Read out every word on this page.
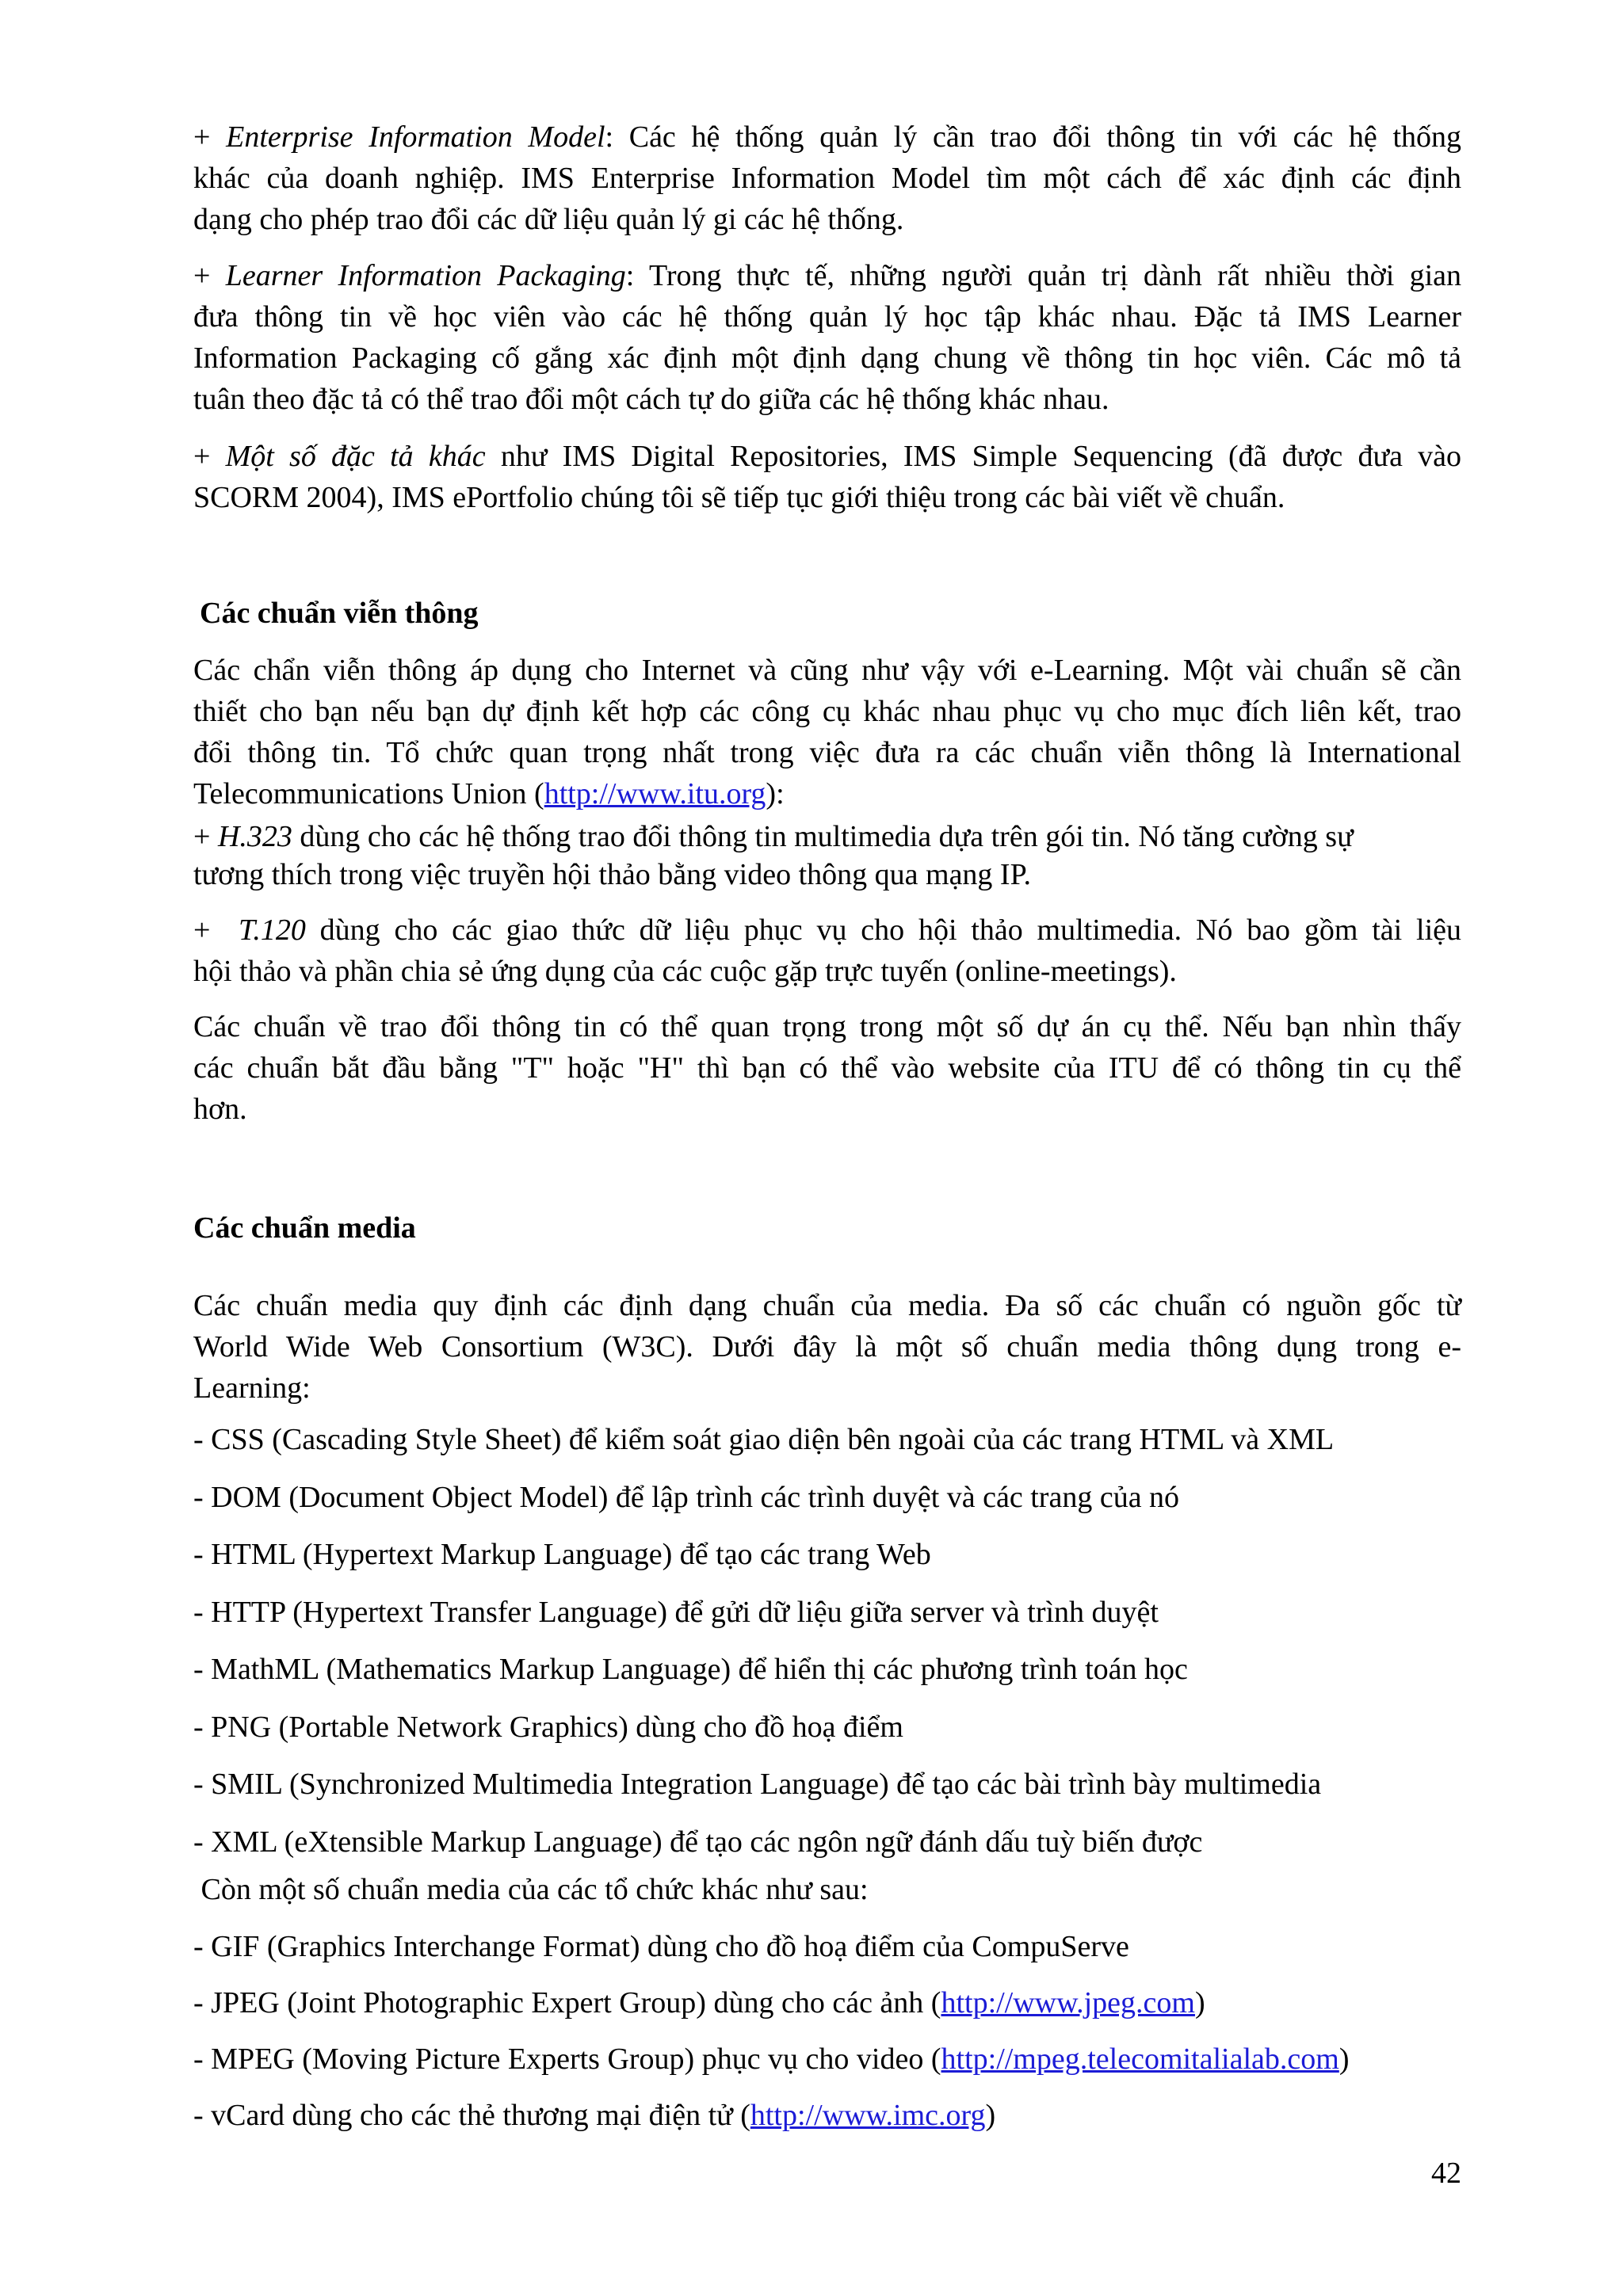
+ Enterprise Information Model: Các hệ thống quản lý cần trao đổi thông tin với các hệ thống
khác của doanh nghiệp. IMS Enterprise Information Model tìm một cách để xác định các định
dạng cho phép trao đổi các dữ liệu quản lý gi các hệ thống.
+ Learner Information Packaging: Trong thực tế, những người quản trị dành rất nhiều thời gian
đưa thông tin về học viên vào các hệ thống quản lý học tập khác nhau. Đặc tả IMS Learner
Information Packaging cố gắng xác định một định dạng chung về thông tin học viên. Các mô tả
tuân theo đặc tả có thể trao đổi một cách tự do giữa các hệ thống khác nhau.
+ Một số đặc tả khác như IMS Digital Repositories, IMS Simple Sequencing (đã được đưa vào
SCORM 2004), IMS ePortfolio chúng tôi sẽ tiếp tục giới thiệu trong các bài viết về chuẩn.
Các chuẩn viễn thông
Các chẩn viễn thông áp dụng cho Internet và cũng như vậy với e-Learning. Một vài chuẩn sẽ cần
thiết cho bạn nếu bạn dự định kết hợp các công cụ khác nhau phục vụ cho mục đích liên kết, trao
đổi thông tin. Tổ chức quan trọng nhất trong việc đưa ra các chuẩn viễn thông là International
Telecommunications Union (http://www.itu.org):
+ H.323 dùng cho các hệ thống trao đổi thông tin multimedia dựa trên gói tin. Nó tăng cường sự
tương thích trong việc truyền hội thảo bằng video thông qua mạng IP.
+  T.120 dùng cho các giao thức dữ liệu phục vụ cho hội thảo multimedia. Nó bao gồm tài liệu
hội thảo và phần chia sẻ ứng dụng của các cuộc gặp trực tuyến (online-meetings).
Các chuẩn về trao đổi thông tin có thể quan trọng trong một số dự án cụ thể. Nếu bạn nhìn thấy
các chuẩn bắt đầu bằng "T" hoặc "H" thì bạn có thể vào website của ITU để có thông tin cụ thể
hơn.
Các chuẩn media
Các chuẩn media quy định các định dạng chuẩn của media. Đa số các chuẩn có nguồn gốc từ
World Wide Web Consortium (W3C). Dưới đây là một số chuẩn media thông dụng trong e-
Learning:
- CSS (Cascading Style Sheet) để kiểm soát giao diện bên ngoài của các trang HTML và XML
- DOM (Document Object Model) để lập trình các trình duyệt và các trang của nó
- HTML (Hypertext Markup Language) để tạo các trang Web
- HTTP (Hypertext Transfer Language) để gửi dữ liệu giữa server và trình duyệt
- MathML (Mathematics Markup Language) để hiển thị các phương trình toán học
- PNG (Portable Network Graphics) dùng cho đồ hoạ điểm
- SMIL (Synchronized Multimedia Integration Language) để tạo các bài trình bày multimedia
- XML (eXtensible Markup Language) để tạo các ngôn ngữ đánh dấu tuỳ biến được
Còn một số chuẩn media của các tổ chức khác như sau:
- GIF (Graphics Interchange Format) dùng cho đồ hoạ điểm của CompuServe
- JPEG (Joint Photographic Expert Group) dùng cho các ảnh (http://www.jpeg.com)
- MPEG (Moving Picture Experts Group) phục vụ cho video (http://mpeg.telecomitalialab.com)
- vCard dùng cho các thẻ thương mại điện tử (http://www.imc.org)
42
